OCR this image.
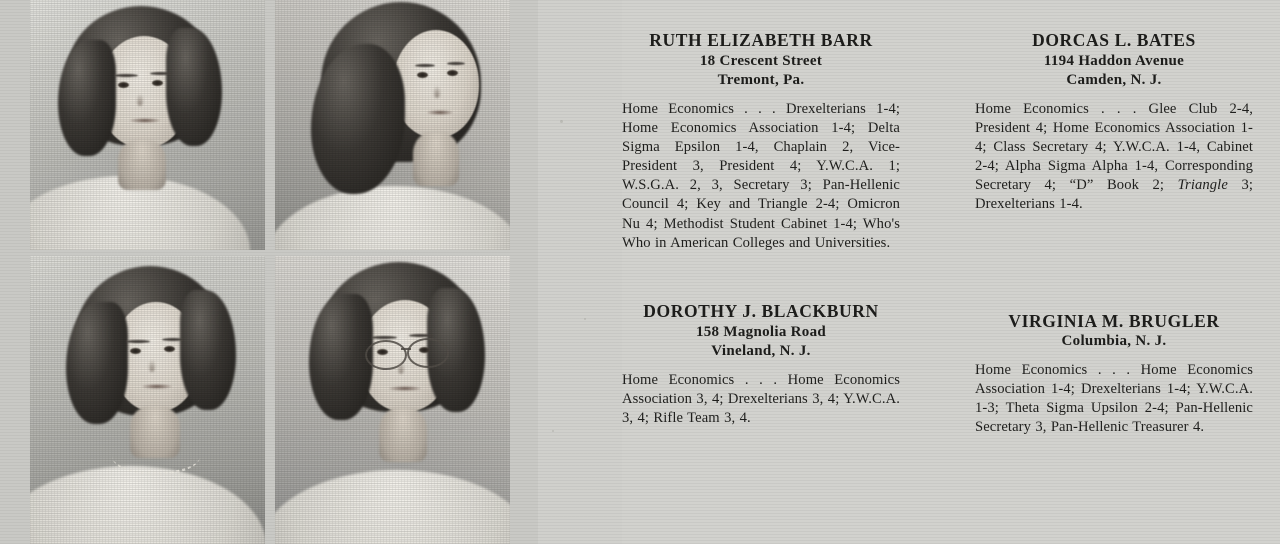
RUTH ELIZABETH BARR
18 Crescent Street
Tremont, Pa.
Home Economics . . . Drexelterians 1-4; Home Economics Association 1-4; Delta Sigma Epsilon 1-4, Chaplain 2, Vice-President 3, President 4; Y.W.C.A. 1; W.S.G.A. 2, 3, Secretary 3; Pan-Hellenic Council 4; Key and Triangle 2-4; Omicron Nu 4; Methodist Student Cabinet 1-4; Who's Who in American Colleges and Universities.
DOROTHY J. BLACKBURN
158 Magnolia Road
Vineland, N. J.
Home Economics . . . Home Economics Association 3, 4; Drexelterians 3, 4; Y.W.C.A. 3, 4; Rifle Team 3, 4.
DORCAS L. BATES
1194 Haddon Avenue
Camden, N. J.
Home Economics . . . Glee Club 2-4, President 4; Home Economics Association 1-4; Class Secretary 4; Y.W.C.A. 1-4, Cabinet 2-4; Alpha Sigma Alpha 1-4, Corresponding Secretary 4; “D” Book 2; Triangle 3; Drexelterians 1-4.
VIRGINIA M. BRUGLER
Columbia, N. J.
Home Economics . . . Home Economics Association 1-4; Drexelterians 1-4; Y.W.C.A. 1-3; Theta Sigma Upsilon 2-4; Pan-Hellenic Secretary 3, Pan-Hellenic Treasurer 4.
